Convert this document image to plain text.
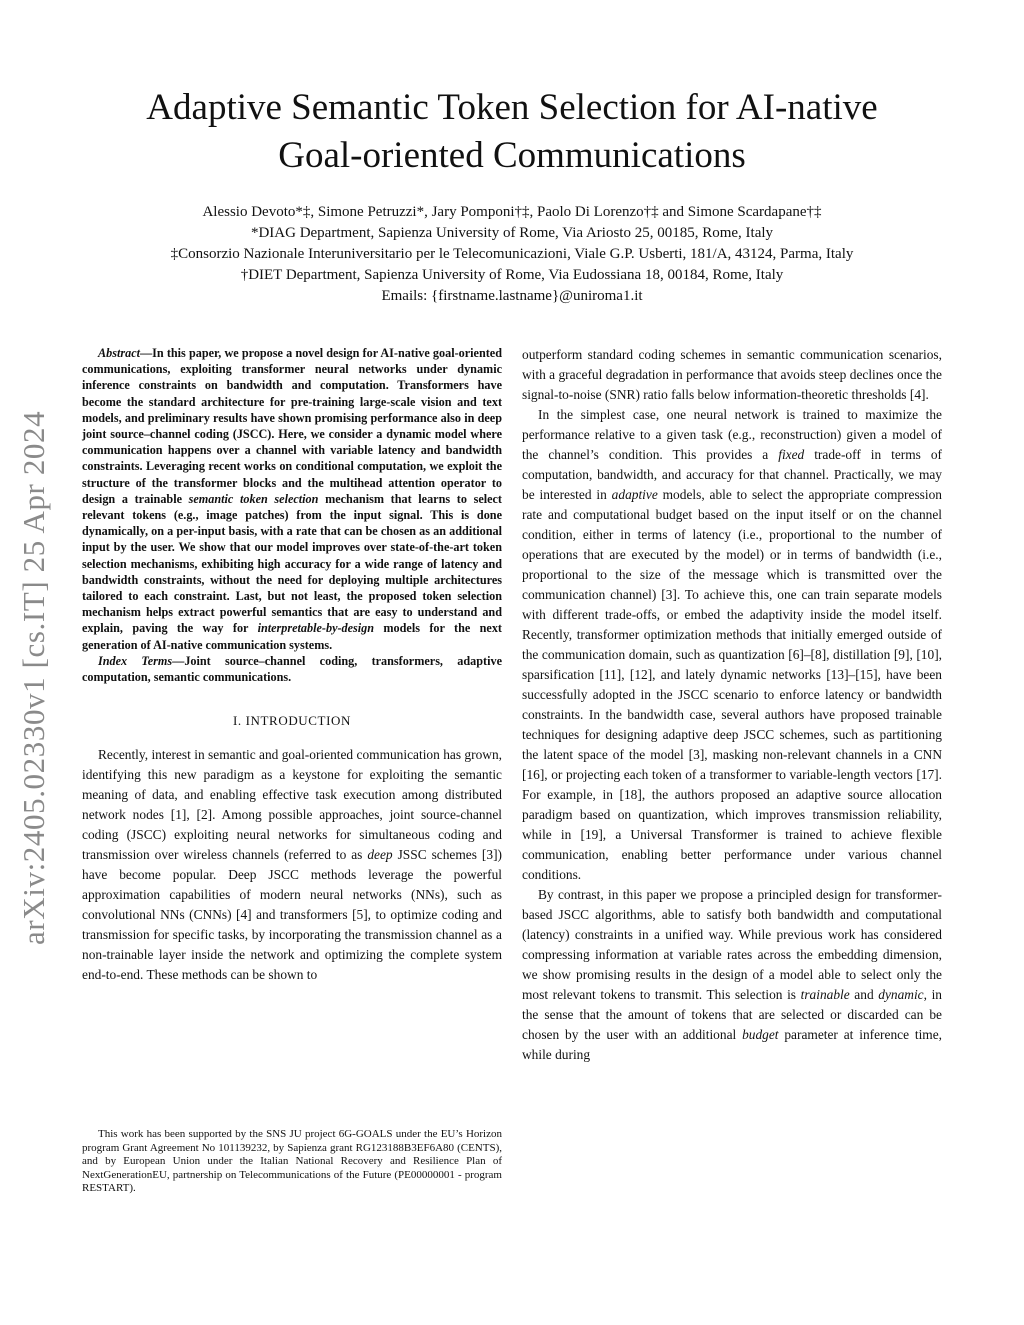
Adaptive Semantic Token Selection for AI-native
Goal-oriented Communications

Alessio Devoto*‡, Simone Petruzzi*, Jary Pomponi†‡, Paolo Di Lorenzo†‡ and Simone Scardapane†‡

*DIAG Department, Sapienza University of Rome, Via Ariosto 25, 00185, Rome, Italy

‡Consorzio Nazionale Interuniversitario per le Telecomunicazioni, Viale G.P. Usberti, 181/A, 43124, Parma, Italy

†DIET Department, Sapienza University of Rome, Via Eudossiana 18, 00184, Rome, Italy

Emails: {firstname.lastname}@uniroma1.it

arXiv:2405.02330v1 [cs.IT] 25 Apr 2024

Abstract—In this paper, we propose a novel design for AI-native goal-oriented communications, exploiting transformer neural networks under dynamic inference constraints on bandwidth and computation. Transformers have become the standard architecture for pre-training large-scale vision and text models, and preliminary results have shown promising performance also in deep joint source–channel coding (JSCC). Here, we consider a dynamic model where communication happens over a channel with variable latency and bandwidth constraints. Leveraging recent works on conditional computation, we exploit the structure of the transformer blocks and the multihead attention operator to design a trainable semantic token selection mechanism that learns to select relevant tokens (e.g., image patches) from the input signal. This is done dynamically, on a per-input basis, with a rate that can be chosen as an additional input by the user. We show that our model improves over state-of-the-art token selection mechanisms, exhibiting high accuracy for a wide range of latency and bandwidth constraints, without the need for deploying multiple architectures tailored to each constraint. Last, but not least, the proposed token selection mechanism helps extract powerful semantics that are easy to understand and explain, paving the way for interpretable-by-design models for the next generation of AI-native communication systems.

Index Terms—Joint source–channel coding, transformers, adaptive computation, semantic communications.

I. INTRODUCTION

Recently, interest in semantic and goal-oriented communication has grown, identifying this new paradigm as a keystone for exploiting the semantic meaning of data, and enabling effective task execution among distributed network nodes [1], [2]. Among possible approaches, joint source-channel coding (JSCC) exploiting neural networks for simultaneous coding and transmission over wireless channels (referred to as deep JSSC schemes [3]) have become popular. Deep JSCC methods leverage the powerful approximation capabilities of modern neural networks (NNs), such as convolutional NNs (CNNs) [4] and transformers [5], to optimize coding and transmission for specific tasks, by incorporating the transmission channel as a non-trainable layer inside the network and optimizing the complete system end-to-end. These methods can be shown to

This work has been supported by the SNS JU project 6G-GOALS under the EU’s Horizon program Grant Agreement No 101139232, by Sapienza grant RG123188B3EF6A80 (CENTS), and by European Union under the Italian National Recovery and Resilience Plan of NextGenerationEU, partnership on Telecommunications of the Future (PE00000001 - program RESTART).

outperform standard coding schemes in semantic communication scenarios, with a graceful degradation in performance that avoids steep declines once the signal-to-noise (SNR) ratio falls below information-theoretic thresholds [4].

In the simplest case, one neural network is trained to maximize the performance relative to a given task (e.g., reconstruction) given a model of the channel’s condition. This provides a fixed trade-off in terms of computation, bandwidth, and accuracy for that channel. Practically, we may be interested in adaptive models, able to select the appropriate compression rate and computational budget based on the input itself or on the channel condition, either in terms of latency (i.e., proportional to the number of operations that are executed by the model) or in terms of bandwidth (i.e., proportional to the size of the message which is transmitted over the communication channel) [3]. To achieve this, one can train separate models with different trade-offs, or embed the adaptivity inside the model itself. Recently, transformer optimization methods that initially emerged outside of the communication domain, such as quantization [6]–[8], distillation [9], [10], sparsification [11], [12], and lately dynamic networks [13]–[15], have been successfully adopted in the JSCC scenario to enforce latency or bandwidth constraints. In the bandwidth case, several authors have proposed trainable techniques for designing adaptive deep JSCC schemes, such as partitioning the latent space of the model [3], masking non-relevant channels in a CNN [16], or projecting each token of a transformer to variable-length vectors [17]. For example, in [18], the authors proposed an adaptive source allocation paradigm based on quantization, which improves transmission reliability, while in [19], a Universal Transformer is trained to achieve flexible communication, enabling better performance under various channel conditions.

By contrast, in this paper we propose a principled design for transformer-based JSCC algorithms, able to satisfy both bandwidth and computational (latency) constraints in a unified way. While previous work has considered compressing information at variable rates across the embedding dimension, we show promising results in the design of a model able to select only the most relevant tokens to transmit. This selection is trainable and dynamic, in the sense that the amount of tokens that are selected or discarded can be chosen by the user with an additional budget parameter at inference time, while during
